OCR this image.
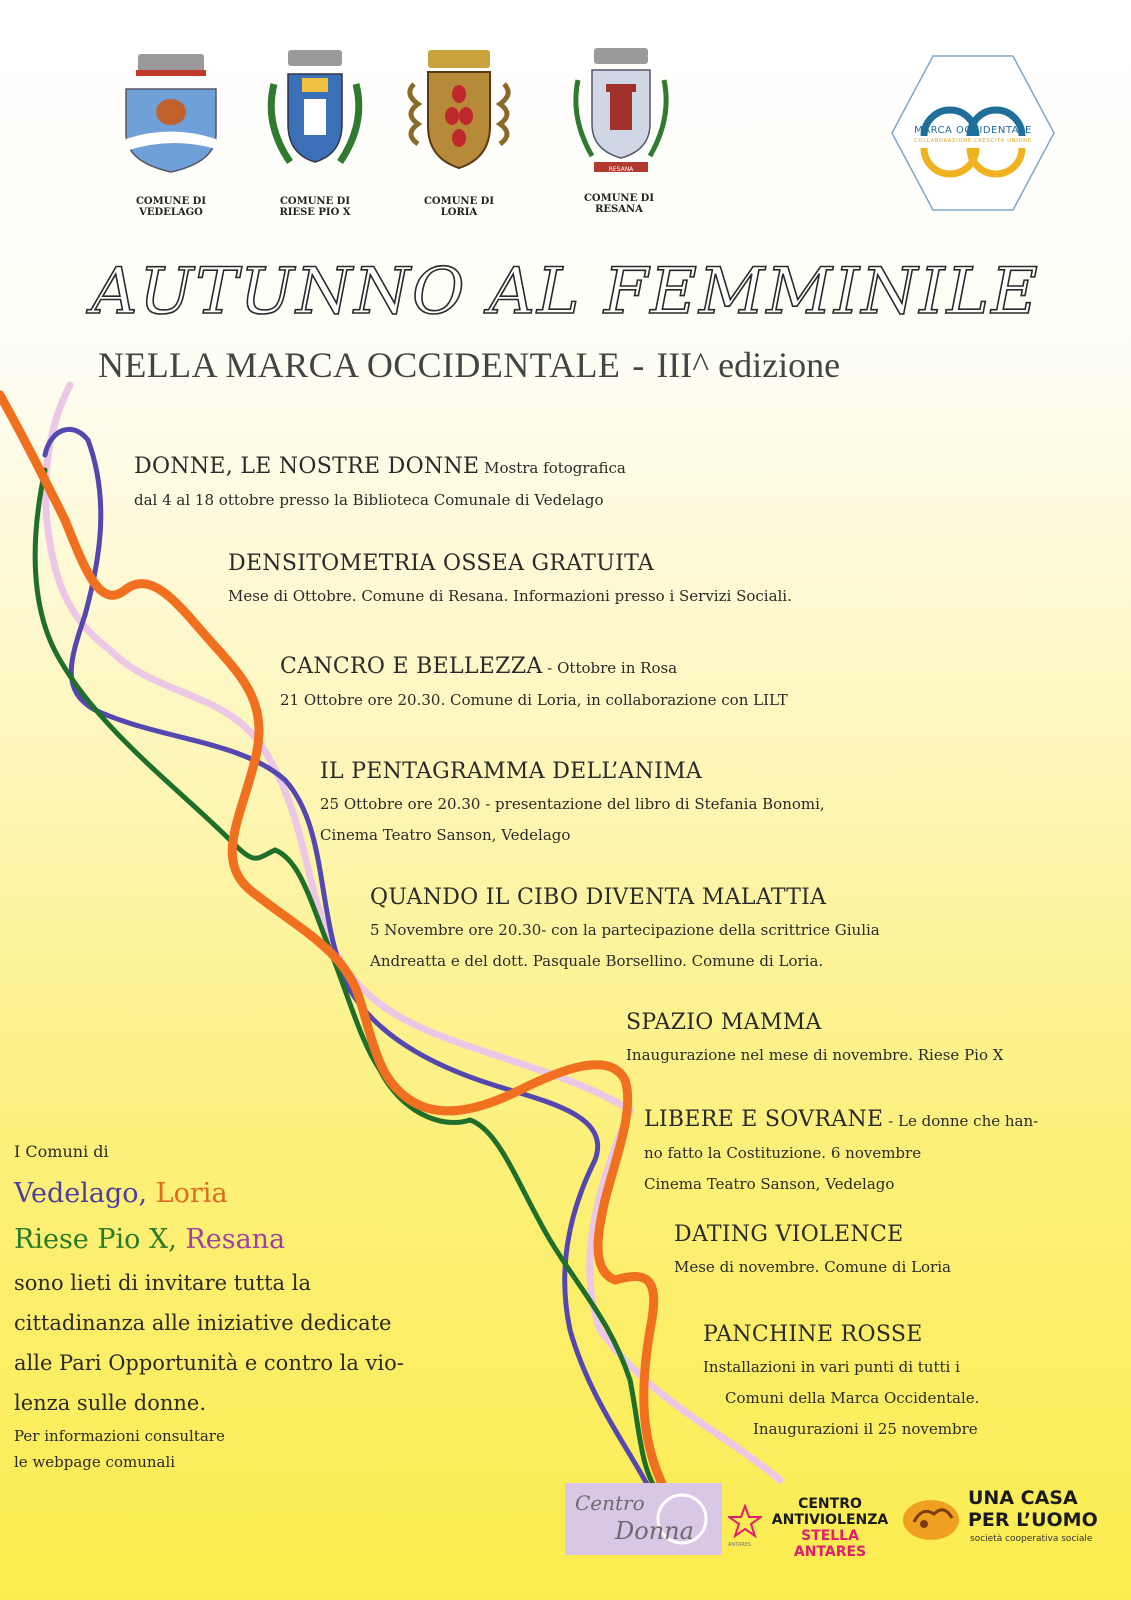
RESANA
COMUNE DI
VEDELAGO
COMUNE DI
RIESE PIO X
COMUNE DI
LORIA
COMUNE DI
RESANA
MARCA OCCIDENTALE
COLLABORAZIONE CRESCITA UNIONE
AUTUNNO AL FEMMINILE
NELLA MARCA OCCIDENTALE - III^ edizione
DONNE, LE NOSTRE DONNE Mostra fotografica
dal 4 al 18 ottobre presso la Biblioteca Comunale di Vedelago
DENSITOMETRIA OSSEA GRATUITA
Mese di Ottobre. Comune di Resana. Informazioni presso i Servizi Sociali.
CANCRO E BELLEZZA - Ottobre in Rosa
21 Ottobre ore 20.30. Comune di Loria, in collaborazione con LILT
IL PENTAGRAMMA DELL’ANIMA
25 Ottobre ore 20.30 - presentazione del libro di Stefania Bonomi,
Cinema Teatro Sanson, Vedelago
QUANDO IL CIBO DIVENTA MALATTIA
5 Novembre ore 20.30- con la partecipazione della scrittrice Giulia
Andreatta e del dott. Pasquale Borsellino. Comune di Loria.
SPAZIO MAMMA
Inaugurazione nel mese di novembre. Riese Pio X
LIBERE E SOVRANE - Le donne che han-
no fatto la Costituzione. 6 novembre
Cinema Teatro Sanson, Vedelago
DATING VIOLENCE
Mese di novembre. Comune di Loria
PANCHINE ROSSE
Installazioni in vari punti di tutti i
Comuni della Marca Occidentale.
Inaugurazioni il 25 novembre
I Comuni di
Vedelago, Loria
Riese Pio X, Resana
sono lieti di invitare tutta la
cittadinanza alle iniziative dedicate
alle Pari Opportunità e contro la vio-
lenza sulle donne.
Per informazioni consultare
le webpage comunali
Centro
Donna	ANTARES
CENTRO
ANTIVIOLENZA
STELLA ANTARES
UNA CASA
PER L’UOMO
società cooperativa sociale
